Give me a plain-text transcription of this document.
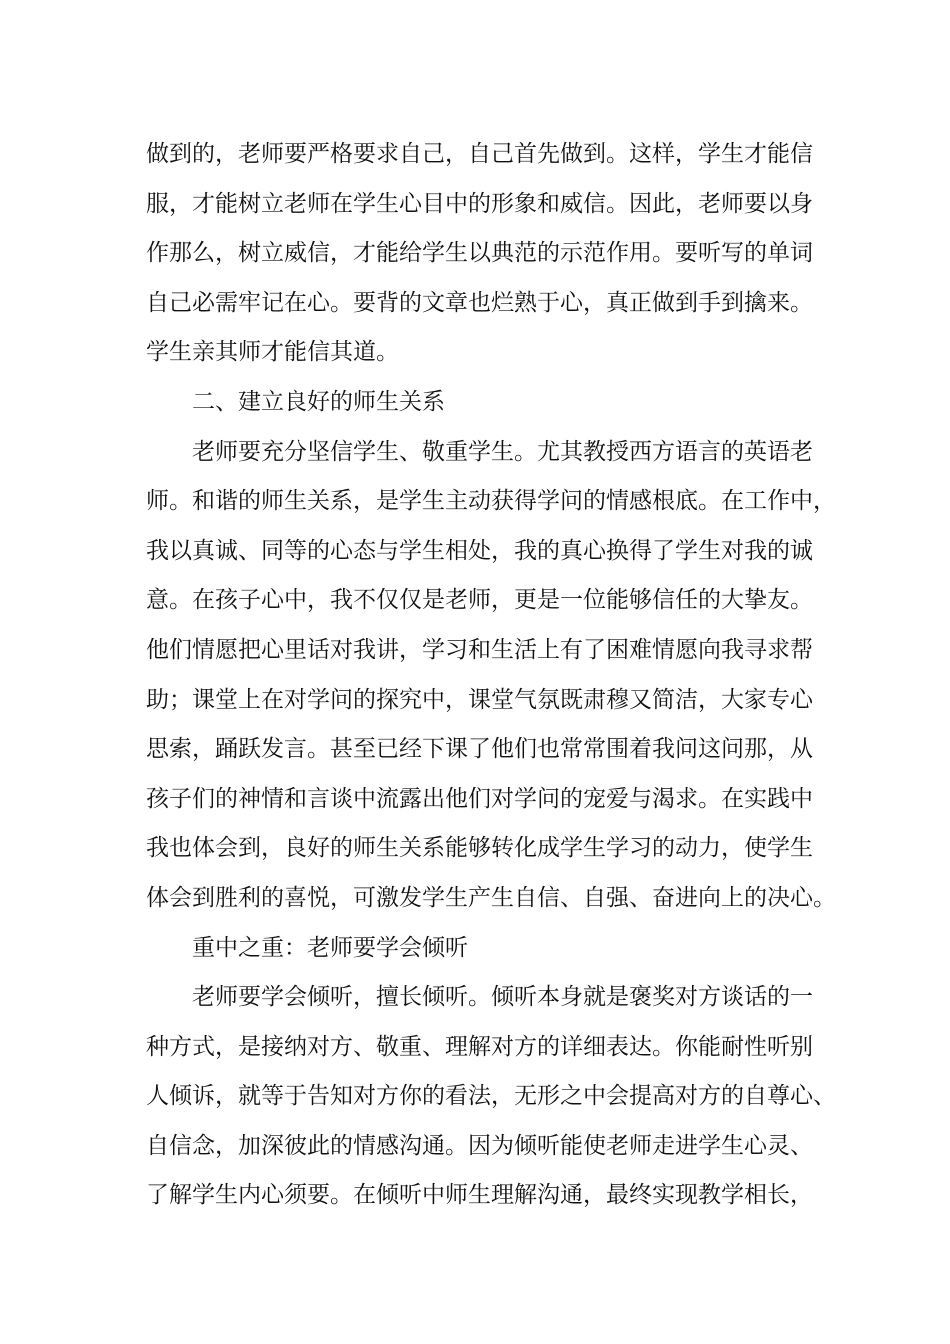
做到的，老师要严格要求自己，自己首先做到。这样，学生才能信
服，才能树立老师在学生心目中的形象和威信。因此，老师要以身
作那么，树立威信，才能给学生以典范的示范作用。要听写的单词
自己必需牢记在心。要背的文章也烂熟于心，真正做到手到擒来。
学生亲其师才能信其道。
二、建立良好的师生关系
老师要充分坚信学生、敬重学生。尤其教授西方语言的英语老
师。和谐的师生关系，是学生主动获得学问的情感根底。在工作中，
我以真诚、同等的心态与学生相处，我的真心换得了学生对我的诚
意。在孩子心中，我不仅仅是老师，更是一位能够信任的大挚友。
他们情愿把心里话对我讲，学习和生活上有了困难情愿向我寻求帮
助；课堂上在对学问的探究中，课堂气氛既肃穆又简洁，大家专心
思索，踊跃发言。甚至已经下课了他们也常常围着我问这问那，从
孩子们的神情和言谈中流露出他们对学问的宠爱与渴求。在实践中
我也体会到，良好的师生关系能够转化成学生学习的动力，使学生
体会到胜利的喜悦，可激发学生产生自信、自强、奋进向上的决心。
重中之重：老师要学会倾听
老师要学会倾听，擅长倾听。倾听本身就是褒奖对方谈话的一
种方式，是接纳对方、敬重、理解对方的详细表达。你能耐性听别
人倾诉，就等于告知对方你的看法，无形之中会提高对方的自尊心、
自信念，加深彼此的情感沟通。因为倾听能使老师走进学生心灵、
了解学生内心须要。在倾听中师生理解沟通，最终实现教学相长，
